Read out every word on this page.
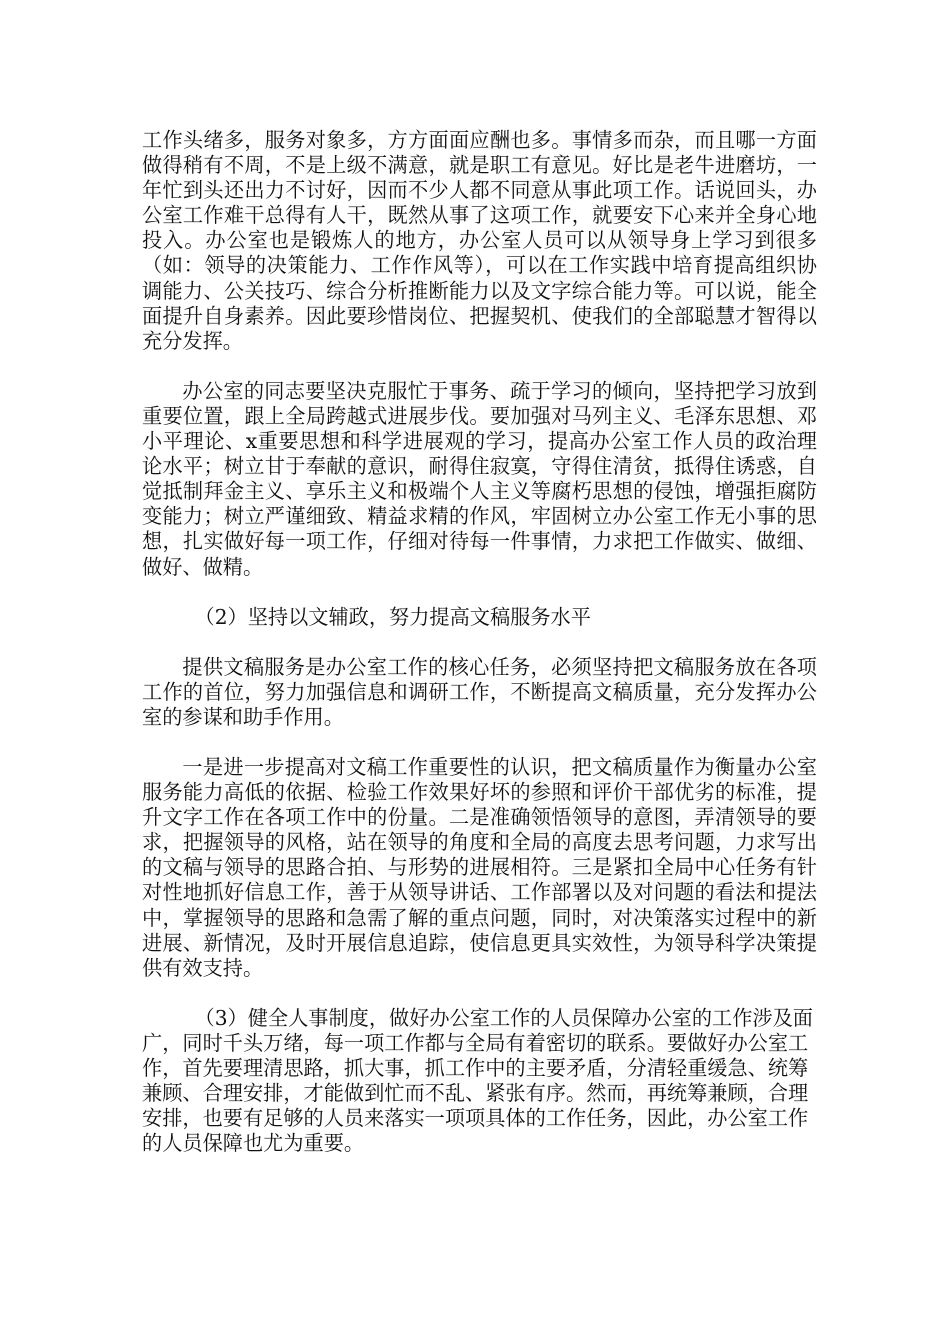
工作头绪多，服务对象多，方方面面应酬也多。事情多而杂，而且哪一方面做得稍有不周，不是上级不满意，就是职工有意见。好比是老牛进磨坊，一年忙到头还出力不讨好，因而不少人都不同意从事此项工作。话说回头，办公室工作难干总得有人干，既然从事了这项工作，就要安下心来并全身心地投入。办公室也是锻炼人的地方，办公室人员可以从领导身上学习到很多（如：领导的决策能力、工作作风等），可以在工作实践中培育提高组织协调能力、公关技巧、综合分析推断能力以及文字综合能力等。可以说，能全面提升自身素养。因此要珍惜岗位、把握契机、使我们的全部聪慧才智得以充分发挥。

办公室的同志要坚决克服忙于事务、疏于学习的倾向，坚持把学习放到重要位置，跟上全局跨越式进展步伐。要加强对马列主义、毛泽东思想、邓小平理论、x重要思想和科学进展观的学习，提高办公室工作人员的政治理论水平；树立甘于奉献的意识，耐得住寂寞，守得住清贫，抵得住诱惑，自觉抵制拜金主义、享乐主义和极端个人主义等腐朽思想的侵蚀，增强拒腐防变能力；树立严谨细致、精益求精的作风，牢固树立办公室工作无小事的思想，扎实做好每一项工作，仔细对待每一件事情，力求把工作做实、做细、做好、做精。

（2）坚持以文辅政，努力提高文稿服务水平

提供文稿服务是办公室工作的核心任务，必须坚持把文稿服务放在各项工作的首位，努力加强信息和调研工作，不断提高文稿质量，充分发挥办公室的参谋和助手作用。

一是进一步提高对文稿工作重要性的认识，把文稿质量作为衡量办公室服务能力高低的依据、检验工作效果好坏的参照和评价干部优劣的标准，提升文字工作在各项工作中的份量。二是准确领悟领导的意图，弄清领导的要求，把握领导的风格，站在领导的角度和全局的高度去思考问题，力求写出的文稿与领导的思路合拍、与形势的进展相符。三是紧扣全局中心任务有针对性地抓好信息工作，善于从领导讲话、工作部署以及对问题的看法和提法中，掌握领导的思路和急需了解的重点问题，同时，对决策落实过程中的新进展、新情况，及时开展信息追踪，使信息更具实效性，为领导科学决策提供有效支持。

（3）健全人事制度，做好办公室工作的人员保障办公室的工作涉及面广，同时千头万绪，每一项工作都与全局有着密切的联系。要做好办公室工作，首先要理清思路，抓大事，抓工作中的主要矛盾，分清轻重缓急、统筹兼顾、合理安排，才能做到忙而不乱、紧张有序。然而，再统筹兼顾，合理安排，也要有足够的人员来落实一项项具体的工作任务，因此，办公室工作的人员保障也尤为重要。
